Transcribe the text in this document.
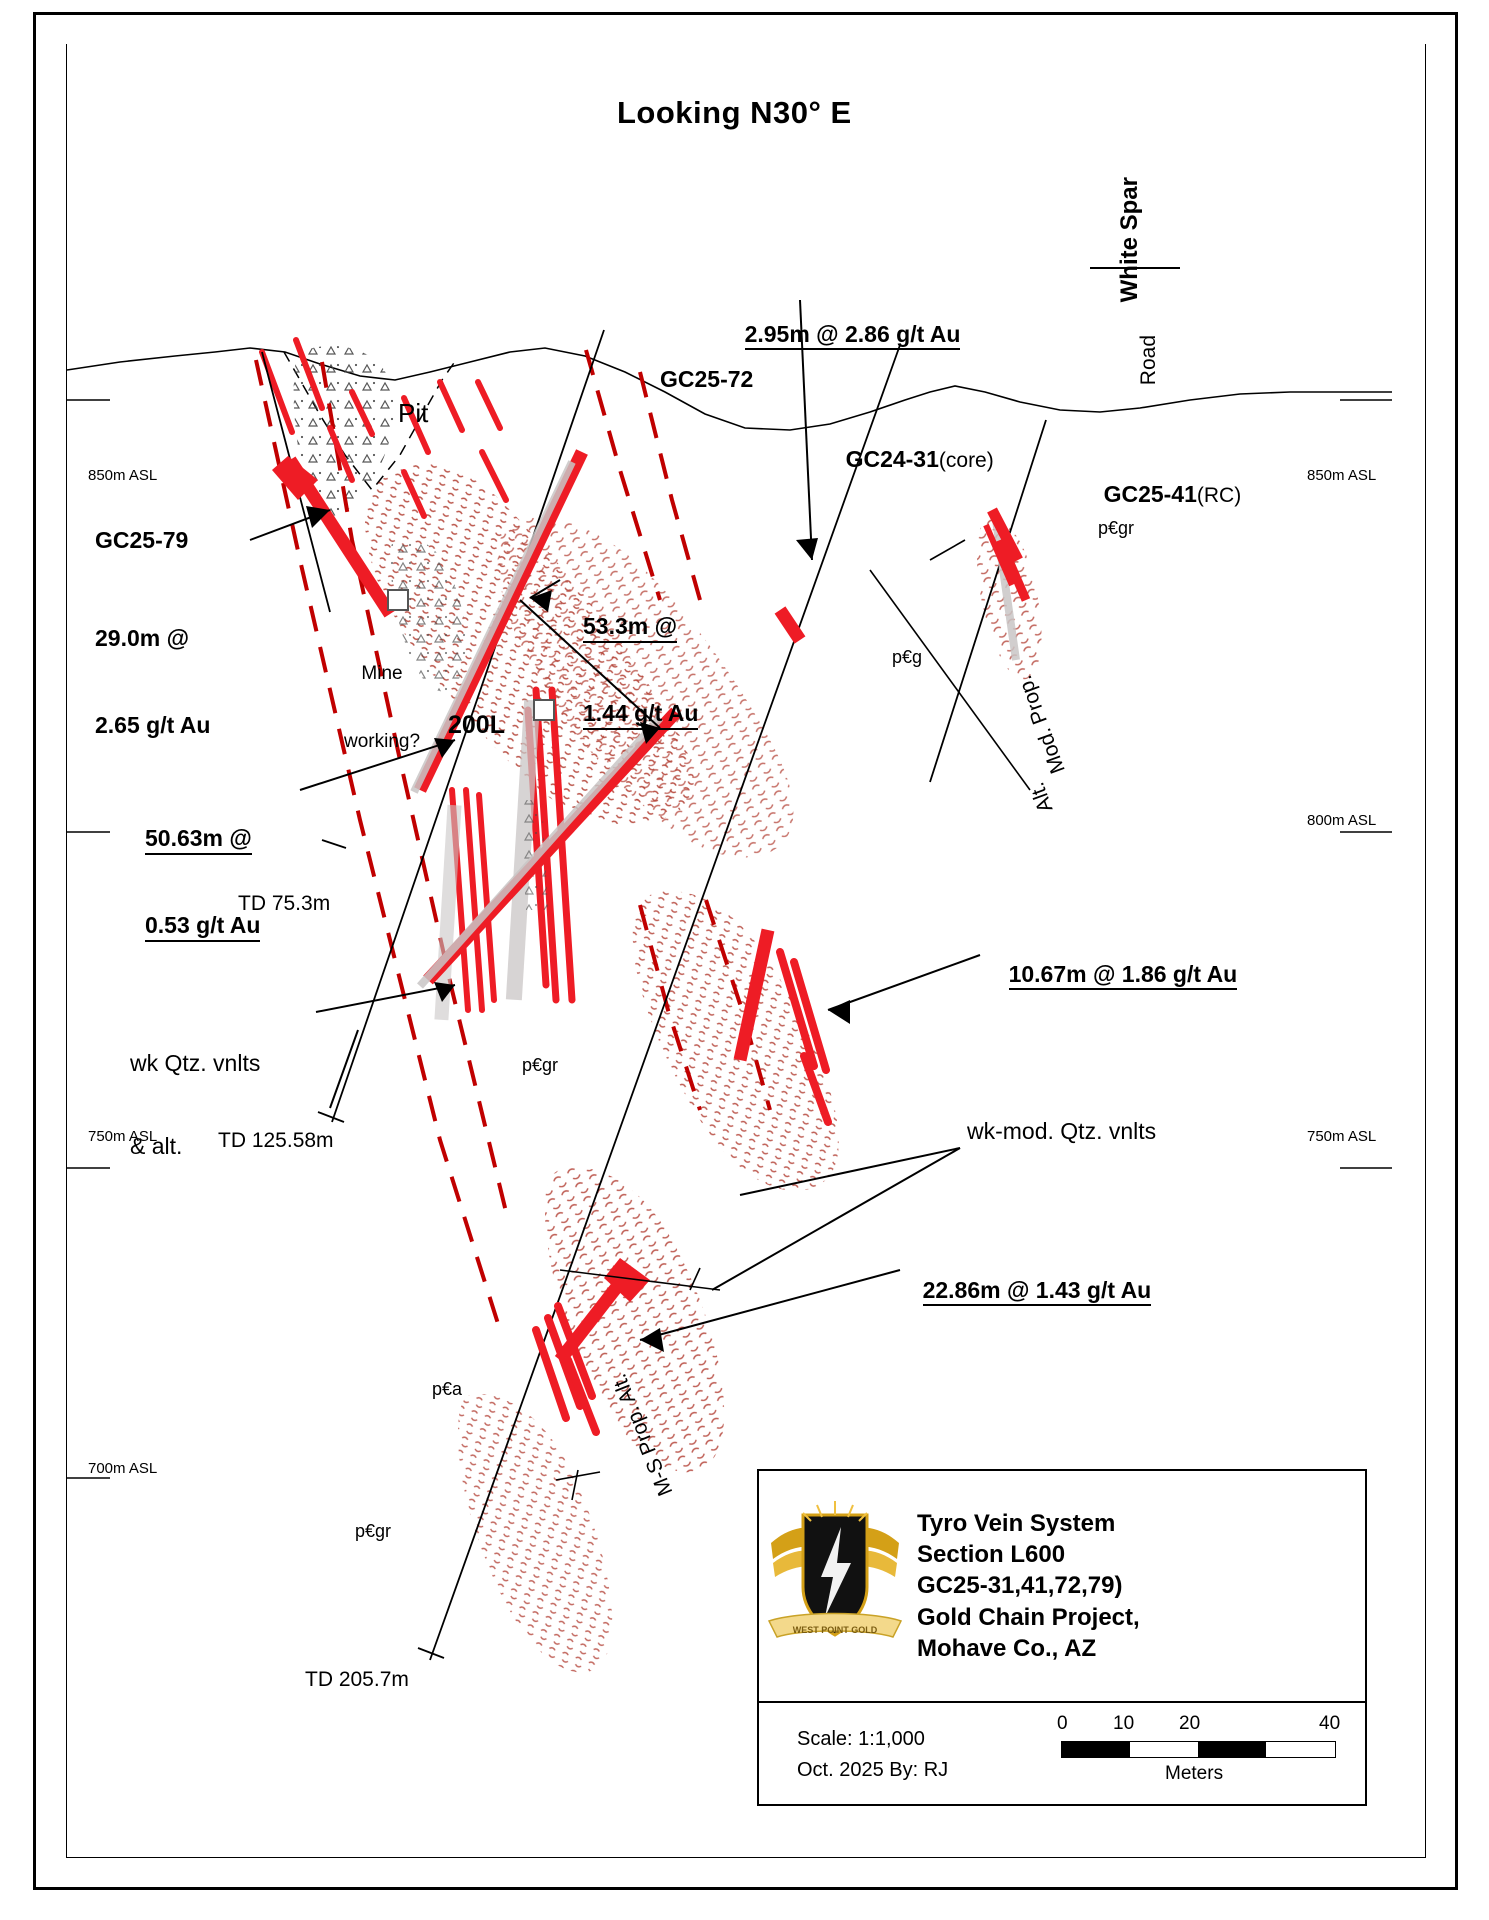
Looking N30° E

White Spar

Road

Pit

Mine

working?

200L
GC25-79
GC25-72

GC24-31(core)

GC25-41(RC)

2.95m @ 2.86 g/t Au

29.0m @

2.65 g/t Au

53.3m @

1.44 g/t Au

50.63m @

0.53 g/t Au

10.67m @ 1.86 g/t Au

22.86m @ 1.43 g/t Au

wk Qtz. vnlts

& alt.

wk-mod. Qtz. vnlts

Mod. Prop.
Alt.

M-S Prop. Alt.

TD 75.3m
TD 125.58m
TD 205.7m
p€gr
p€g
p€gr
p€a
p€gr
850m ASL
750m ASL
700m ASL
850m ASL
800m ASL
750m ASL
WEST POINT GOLD
Tyro Vein System
Section L600
GC25-31,41,72,79)
Gold Chain Project,
Mohave Co., AZ
Scale: 1:1,000
Oct. 2025 By: RJ
0 10 20	40
Meters
